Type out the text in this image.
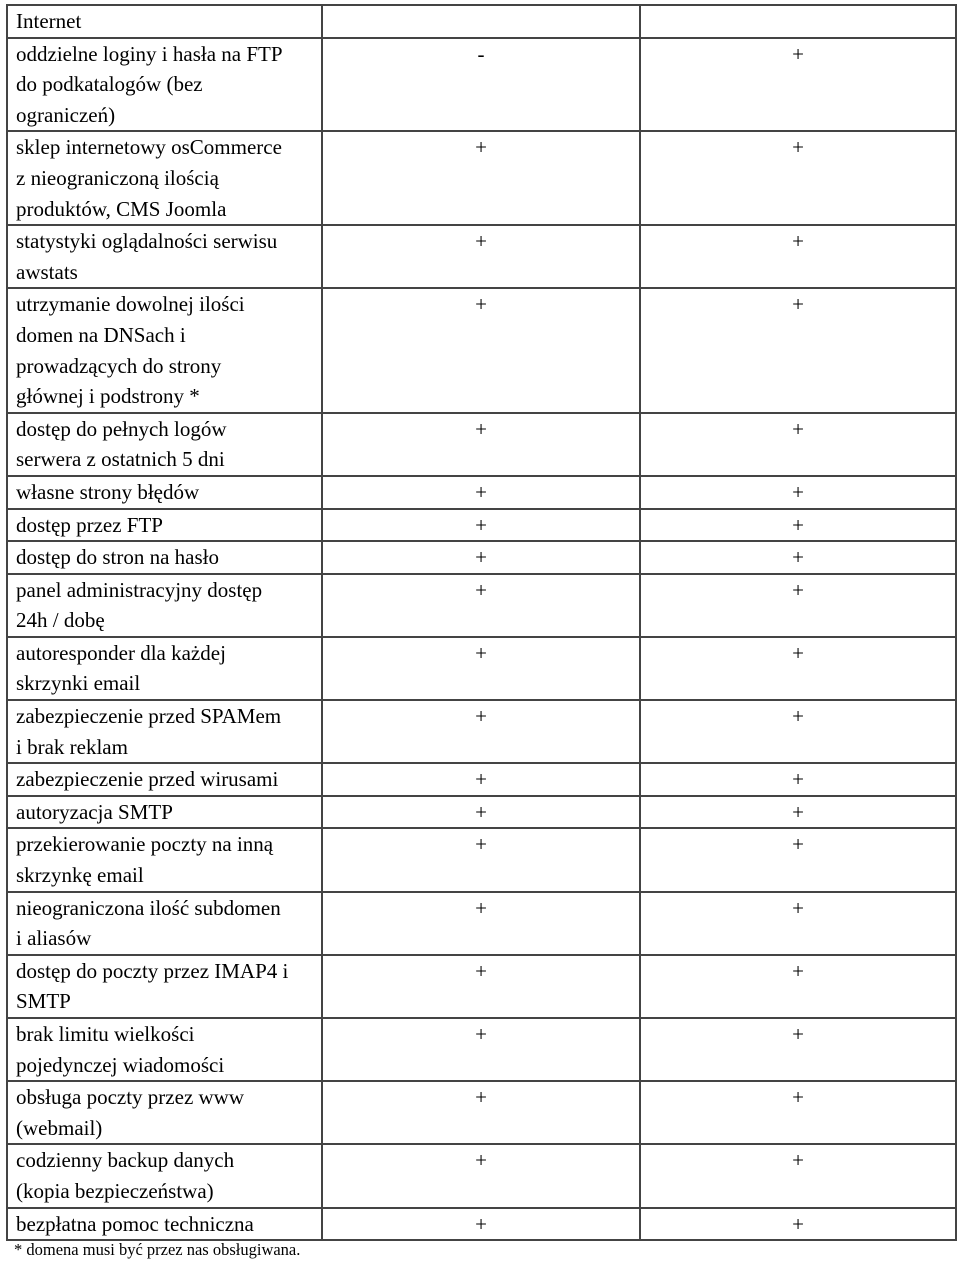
Internet		
oddzielne loginy i hasła na FTP
do podkatalogów (bez
ograniczeń)	-	+
sklep internetowy osCommerce
z nieograniczoną ilością
produktów, CMS Joomla	+	+
statystyki oglądalności serwisu
awstats	+	+
utrzymanie dowolnej ilości
domen na DNSach i
prowadzących do strony
głównej i podstrony *	+	+
dostęp do pełnych logów
serwera z ostatnich 5 dni	+	+
własne strony błędów	+	+
dostęp przez FTP	+	+
dostęp do stron na hasło	+	+
panel administracyjny dostęp
24h / dobę	+	+
autoresponder dla każdej
skrzynki email	+	+
zabezpieczenie przed SPAMem
i brak reklam	+	+
zabezpieczenie przed wirusami	+	+
autoryzacja SMTP	+	+
przekierowanie poczty na inną
skrzynkę email	+	+
nieograniczona ilość subdomen
i aliasów	+	+
dostęp do poczty przez IMAP4 i
SMTP	+	+
brak limitu wielkości
pojedynczej wiadomości	+	+
obsługa poczty przez www
(webmail)	+	+
codzienny backup danych
(kopia bezpieczeństwa)	+	+
bezpłatna pomoc techniczna	+	+
* domena musi być przez nas obsługiwana.
